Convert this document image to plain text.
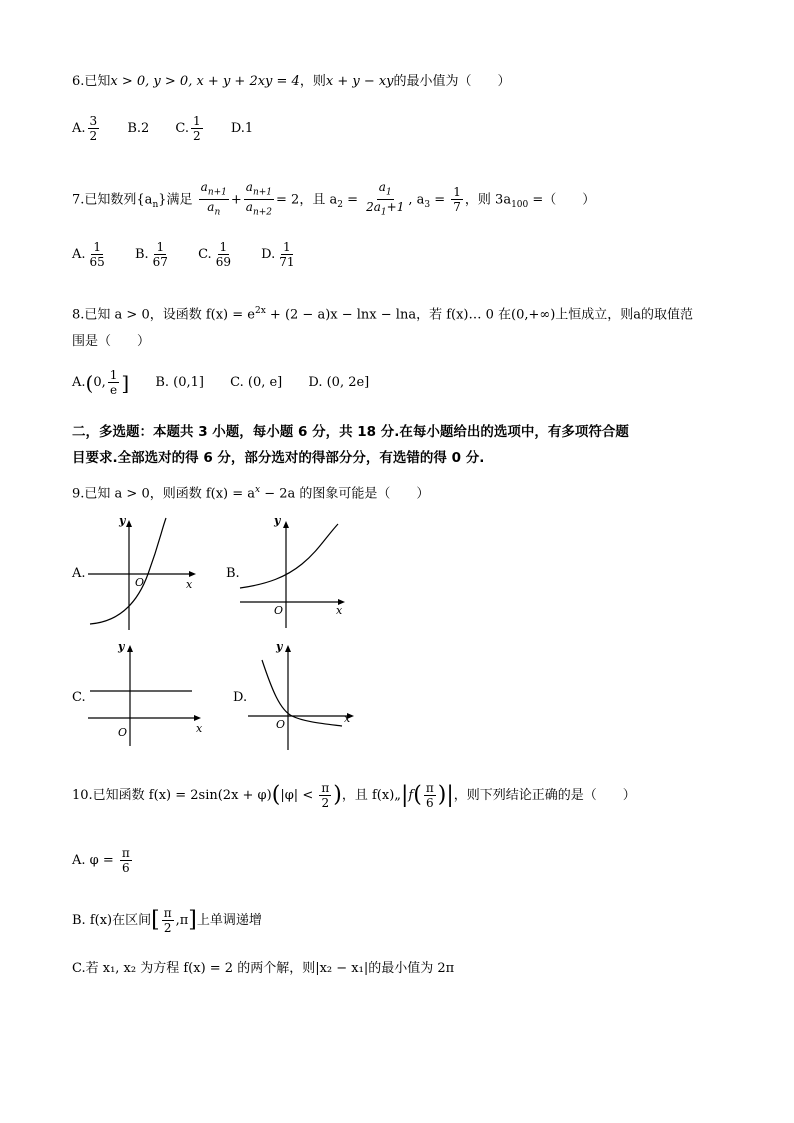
6.已知x > 0, y > 0, x + y + 2xy = 4，则x + y − xy的最小值为（　　）
A. $\frac{3}{2}$
B.2
C. $\frac{1}{2}$
D.1
7.已知数列$\{a_n\}$满足 $\frac{a_{n+1}}{a_n} + \frac{a_{n+1}}{a_{n+2}} = 2$，且 $a_2 = \frac{a_1}{2a_1+1}$ , $a_3 = \frac{1}{7}$ ，则 $3a_{100}$ =（　　）
A. $\frac{1}{65}$
B. $\frac{1}{67}$
C. $\frac{1}{69}$
D. $\frac{1}{71}$
8.已知 a > 0，设函数 $f(x) = e^{2x} + (2 - a)x - \ln x - \ln a$，若 f(x)… 0 在(0,+∞)上恒成立，则a的取值范
围是（　　）
A. ( 0, $\frac{1}{e}$ ] B. (0,1] C. (0, e] D. (0, 2e]
二，多选题：本题共 3 小题，每小题 6 分，共 18 分.在每小题给出的选项中，有多项符合题
目要求.全部选对的得 6 分，部分选对的得部分分，有选错的得 0 分.
9.已知 a > 0，则函数 $f(x) = a^x - 2a$ 的图象可能是（　　）
A.
y
x
O
B.
y
x
O
C.
y
x
O
D.
y
x
O
10.已知函数 $f(x) = 2\sin(2x + \varphi)(|\varphi| < \frac{\pi}{2}$ )，且 f(x)„|f( $\frac{\pi}{6}$ )|，则下列结论正确的是（　　）
A. $\varphi = \frac{\pi}{6}$
B. f(x)在区间[ $\frac{\pi}{2} ,\pi$]上单调递增
C.若 x₁, x₂ 为方程 f(x) = 2 的两个解，则|x₂ − x₁|的最小值为 2π
